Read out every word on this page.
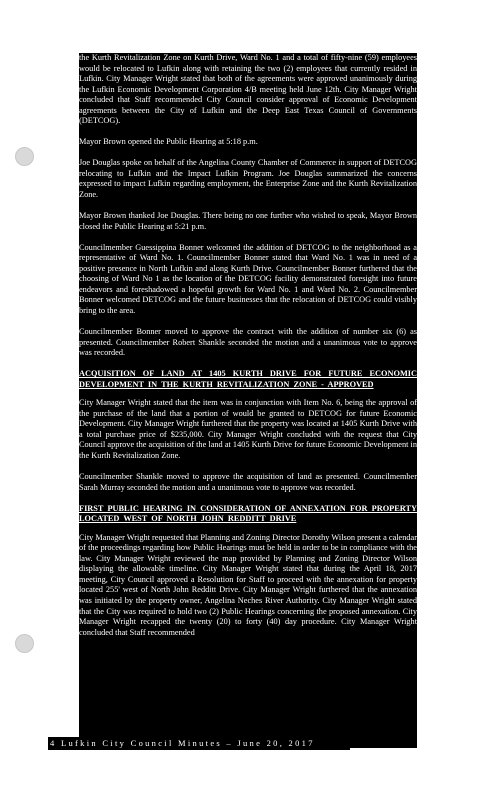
the Kurth Revitalization Zone on Kurth Drive, Ward No. 1 and a total of fifty-nine (59) employees would be relocated to Lufkin along with retaining the two (2) employees that currently resided in Lufkin. City Manager Wright stated that both of the agreements were approved unanimously during the Lufkin Economic Development Corporation 4/B meeting held June 12th. City Manager Wright concluded that Staff recommended City Council consider approval of Economic Development agreements between the City of Lufkin and the Deep East Texas Council of Governments (DETCOG).

Mayor Brown opened the Public Hearing at 5:18 p.m.

Joe Douglas spoke on behalf of the Angelina County Chamber of Commerce in support of DETCOG relocating to Lufkin and the Impact Lufkin Program. Joe Douglas summarized the concerns expressed to impact Lufkin regarding employment, the Enterprise Zone and the Kurth Revitalization Zone.

Mayor Brown thanked Joe Douglas. There being no one further who wished to speak, Mayor Brown closed the Public Hearing at 5:21 p.m.

Councilmember Guessippina Bonner welcomed the addition of DETCOG to the neighborhood as a representative of Ward No. 1. Councilmember Bonner stated that Ward No. 1 was in need of a positive presence in North Lufkin and along Kurth Drive. Councilmember Bonner furthered that the choosing of Ward No 1 as the location of the DETCOG facility demonstrated foresight into future endeavors and foreshadowed a hopeful growth for Ward No. 1 and Ward No. 2. Councilmember Bonner welcomed DETCOG and the future businesses that the relocation of DETCOG could visibly bring to the area.

Councilmember Bonner moved to approve the contract with the addition of number six (6) as presented. Councilmember Robert Shankle seconded the motion and a unanimous vote to approve was recorded.

7. ACQUISITION OF LAND AT 1405 KURTH DRIVE FOR FUTURE ECONOMIC DEVELOPMENT IN THE KURTH REVITALIZATION ZONE - APPROVED

City Manager Wright stated that the item was in conjunction with Item No. 6, being the approval of the purchase of the land that a portion of would be granted to DETCOG for future Economic Development. City Manager Wright furthered that the property was located at 1405 Kurth Drive with a total purchase price of $235,000. City Manager Wright concluded with the request that City Council approve the acquisition of the land at 1405 Kurth Drive for future Economic Development in the Kurth Revitalization Zone.

Councilmember Shankle moved to approve the acquisition of land as presented. Councilmember Sarah Murray seconded the motion and a unanimous vote to approve was recorded.

8. FIRST PUBLIC HEARING IN CONSIDERATION OF ANNEXATION FOR PROPERTY LOCATED WEST OF NORTH JOHN REDDITT DRIVE

City Manager Wright requested that Planning and Zoning Director Dorothy Wilson present a calendar of the proceedings regarding how Public Hearings must be held in order to be in compliance with the law. City Manager Wright reviewed the map provided by Planning and Zoning Director Wilson displaying the allowable timeline. City Manager Wright stated that during the April 18, 2017 meeting, City Council approved a Resolution for Staff to proceed with the annexation for property located 255' west of North John Redditt Drive. City Manager Wright furthered that the annexation was initiated by the property owner, Angelina Neches River Authority. City Manager Wright stated that the City was required to hold two (2) Public Hearings concerning the proposed annexation. City Manager Wright recapped the twenty (20) to forty (40) day procedure. City Manager Wright concluded that Staff recommended

4 Lufkin City Council Minutes – June 20, 2017
